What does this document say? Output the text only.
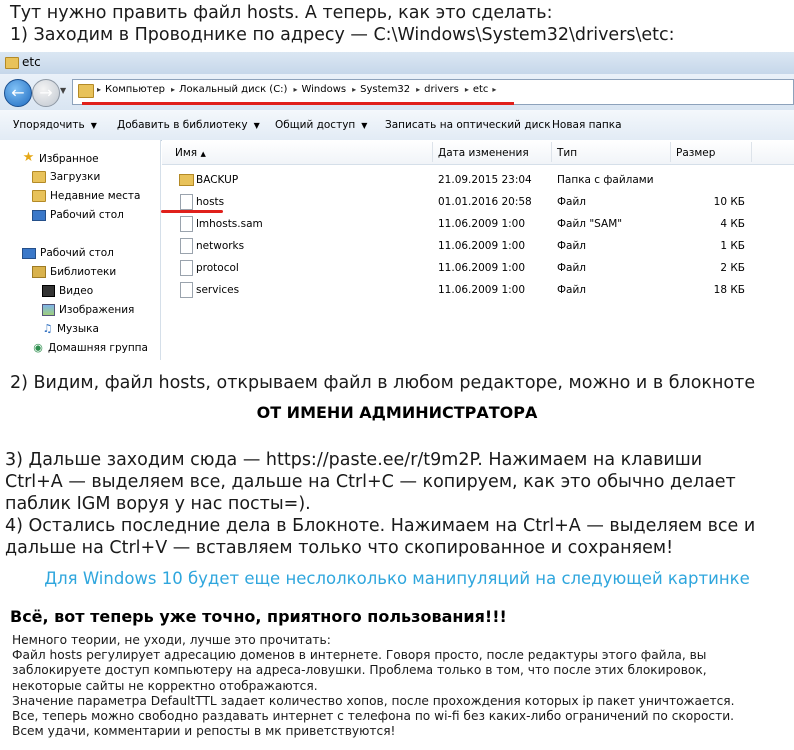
Тут нужно править файл hosts. А теперь, как это сделать:
1) Заходим в Проводнике по адресу — C:\Windows\System32\drivers\etc:
etc
← → ▼	▸ Компьютер ▸ Локальный диск (C:) ▸ Windows ▸ System32 ▸ drivers ▸ etc ▸
Упорядочить ▼ Добавить в библиотеку ▼ Общий доступ ▼ Записать на оптический диск Новая папка
★ Избранное
Загрузки
Недавние места
Рабочий стол
Рабочий стол
Библиотеки
Видео
Изображения
♫ Музыка
◉ Домашняя группа
Имя ▲	Дата изменения	Тип	Размер
BACKUP	21.09.2015 23:04 Папка с файлами
hosts	01.01.2016 20:58 Файл	10 КБ
lmhosts.sam	11.06.2009 1:00	Файл "SAM"	4 КБ
networks	11.06.2009 1:00	Файл	1 КБ
protocol	11.06.2009 1:00	Файл	2 КБ
services	11.06.2009 1:00	Файл	18 КБ
2) Видим, файл hosts, открываем файл в любом редакторе, можно и в блокноте
ОТ ИМЕНИ АДМИНИСТРАТОРА
3) Дальше заходим сюда — https://paste.ee/r/t9m2P. Нажимаем на клавиши
Ctrl+A — выделяем все, дальше на Ctrl+C — копируем, как это обычно делает
паблик IGM воруя у нас посты=).
4) Остались последние дела в Блокноте. Нажимаем на Ctrl+A — выделяем все и
дальше на Ctrl+V — вставляем только что скопированное и сохраняем!
Для Windows 10 будет еще неслолколько манипуляций на следующей картинке
Всё, вот теперь уже точно, приятного пользования!!!
Немного теории, не уходи, лучше это прочитать:
Файл hosts регулирует адресацию доменов в интернете. Говоря просто, после редактуры этого файла, вы
заблокируете доступ компьютеру на адреса-ловушки. Проблема только в том, что после этих блокировок,
некоторые сайты не корректно отображаются.
Значение параметра DefaultTTL задает количество хопов, после прохождения которых ip пакет уничтожается.
Все, теперь можно свободно раздавать интернет с телефона по wi-fi без каких-либо ограничений по скорости.
Всем удачи, комментарии и репосты в мк приветствуются!
